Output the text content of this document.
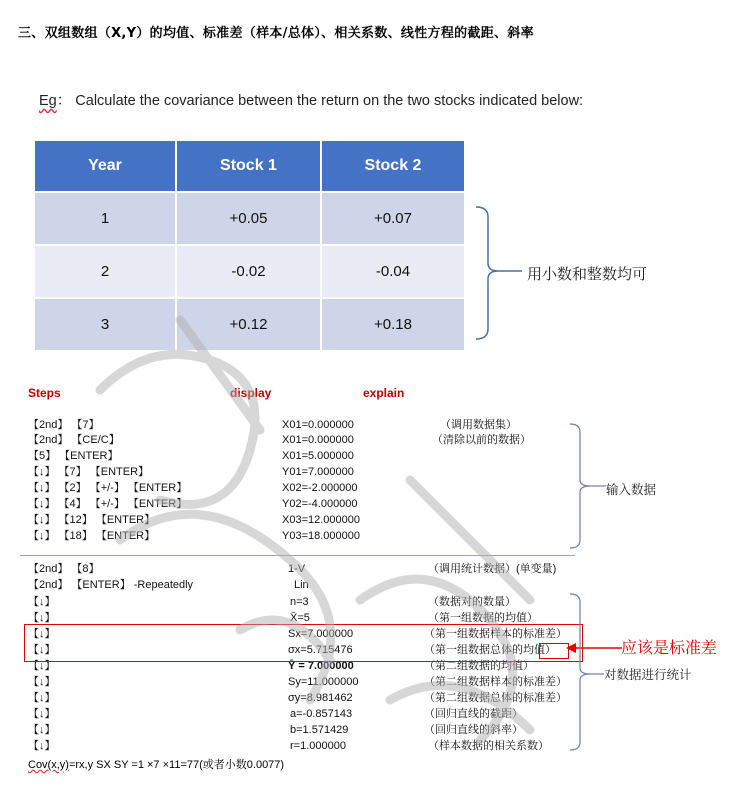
三、双组数组（X,Y）的均值、标准差（样本/总体）、相关系数、线性方程的截距、斜率
Eg： Calculate the covariance between the return on the two stocks indicated below:
Year	Stock 1	Stock 2
1	+0.05	+0.07
2	-0.02	-0.04
3	+0.12	+0.18
用小数和整数均可
Steps	display	explain
【2nd】 【7】	X01=0.000000	（调用数据集）
【2nd】 【CE/C】	X01=0.000000	（清除以前的数据）
【5】 【ENTER】	X01=5.000000
【↓】 【7】 【ENTER】	Y01=7.000000
【↓】 【2】 【+/-】 【ENTER】	X02=-2.000000
【↓】 【4】 【+/-】 【ENTER】	Y02=-4.000000
【↓】 【12】 【ENTER】	X03=12.000000
【↓】 【18】 【ENTER】	Y03=18.000000
输入数据
【2nd】 【8】	1-V	（调用统计数据）(单变量)
【2nd】 【ENTER】 -Repeatedly	Lin
【↓】	n=3	（数据对的数量）
【↓】	X̄=5	（第一组数据的均值）
【↓】	Sx=7.000000	（第一组数据样本的标准差）
【↓】	σx=5.715476	（第一组数据总体的均值）
【↓】	Ȳ = 7.000000	（第二组数据的均值）
【↓】	Sy=11.000000	（第二组数据样本的标准差）
【↓】	σy=8.981462	（第二组数据总体的标准差）
【↓】	a=-0.857143	（回归直线的截距）
【↓】	b=1.571429	（回归直线的斜率）
【↓】	r=1.000000	（样本数据的相关系数）
应该是标准差
对数据进行统计
Cov(x,y)=rx,y SX SY =1 ×7 ×11=77(或者小数0.0077)
